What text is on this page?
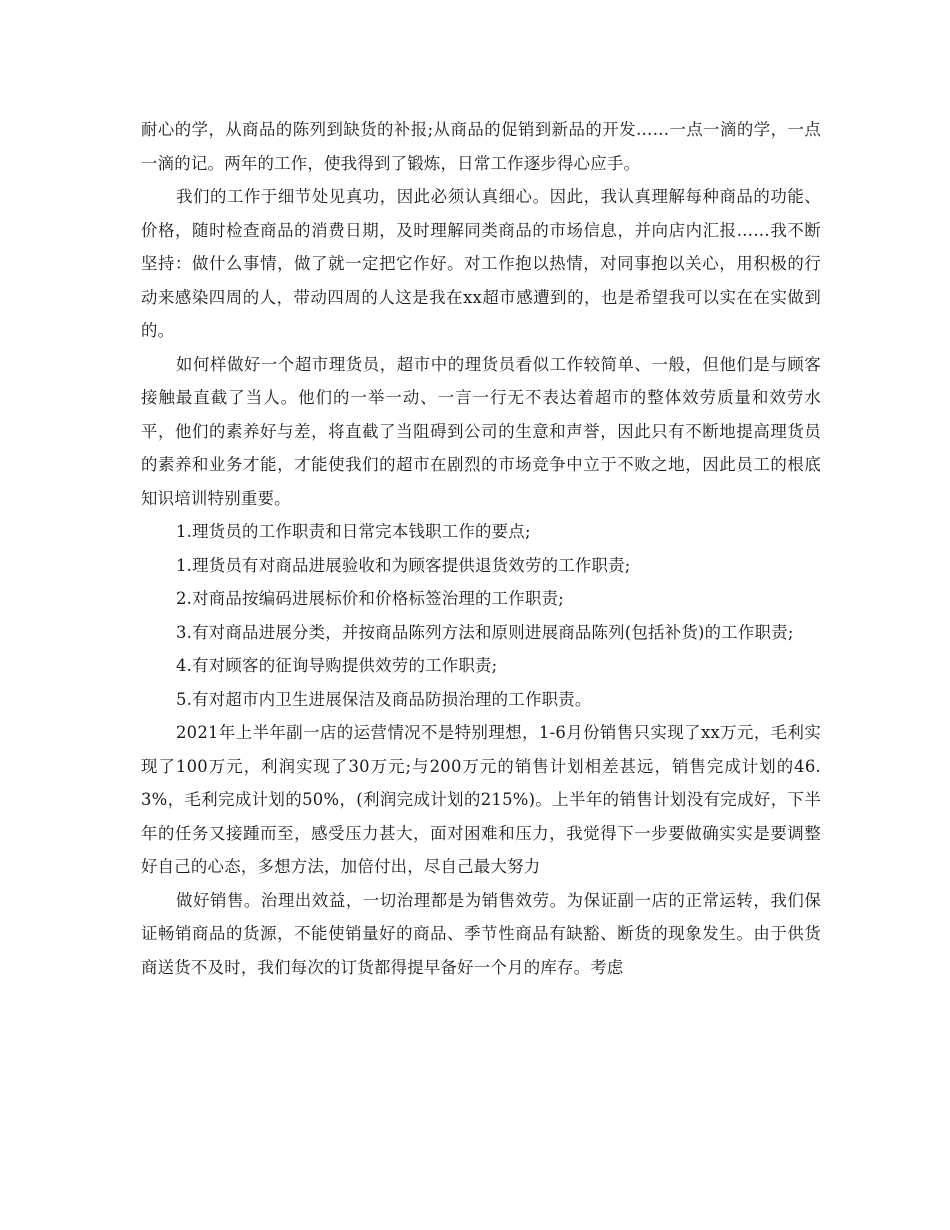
耐心的学，从商品的陈列到缺货的补报;从商品的促销到新品的开发……一点一滴的学，一点一滴的记。两年的工作，使我得到了锻炼，日常工作逐步得心应手。

我们的工作于细节处见真功，因此必须认真细心。因此，我认真理解每种商品的功能、价格，随时检查商品的消费日期，及时理解同类商品的市场信息，并向店内汇报……我不断坚持：做什么事情，做了就一定把它作好。对工作抱以热情，对同事抱以关心，用积极的行动来感染四周的人，带动四周的人这是我在xx超市感遭到的，也是希望我可以实在在实做到的。

如何样做好一个超市理货员，超市中的理货员看似工作较简单、一般，但他们是与顾客接触最直截了当人。他们的一举一动、一言一行无不表达着超市的整体效劳质量和效劳水平，他们的素养好与差，将直截了当阻碍到公司的生意和声誉，因此只有不断地提高理货员的素养和业务才能，才能使我们的超市在剧烈的市场竞争中立于不败之地，因此员工的根底知识培训特别重要。

1.理货员的工作职责和日常完本钱职工作的要点;

1.理货员有对商品进展验收和为顾客提供退货效劳的工作职责;

2.对商品按编码进展标价和价格标签治理的工作职责;

3.有对商品进展分类，并按商品陈列方法和原则进展商品陈列(包括补货)的工作职责;

4.有对顾客的征询导购提供效劳的工作职责;

5.有对超市内卫生进展保洁及商品防损治理的工作职责。

2021年上半年副一店的运营情况不是特别理想，1-6月份销售只实现了xx万元，毛利实现了100万元，利润实现了30万元;与200万元的销售计划相差甚远，销售完成计划的46.3%，毛利完成计划的50%，(利润完成计划的215%)。上半年的销售计划没有完成好，下半年的任务又接踵而至，感受压力甚大，面对困难和压力，我觉得下一步要做确实实是要调整好自己的心态，多想方法，加倍付出，尽自己最大努力

做好销售。治理出效益，一切治理都是为销售效劳。为保证副一店的正常运转，我们保证畅销商品的货源，不能使销量好的商品、季节性商品有缺豁、断货的现象发生。由于供货商送货不及时，我们每次的订货都得提早备好一个月的库存。考虑
